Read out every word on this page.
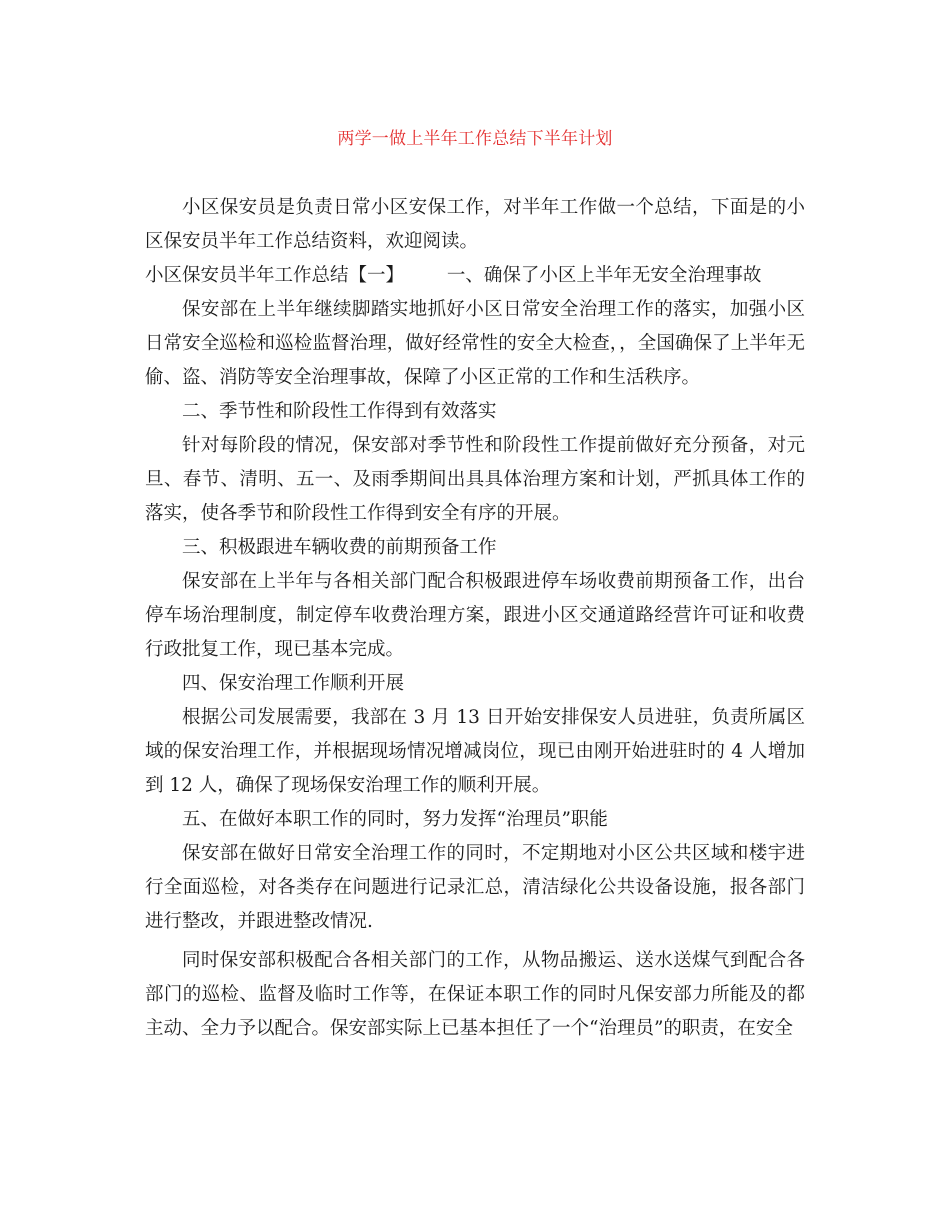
两学一做上半年工作总结下半年计划

小区保安员是负责日常小区安保工作，对半年工作做一个总结，下面是的小区保安员半年工作总结资料，欢迎阅读。

小区保安员半年工作总结【一】 　　一、确保了小区上半年无安全治理事故

保安部在上半年继续脚踏实地抓好小区日常安全治理工作的落实，加强小区日常安全巡检和巡检监督治理，做好经常性的安全大检查，，全国确保了上半年无偷、盗、消防等安全治理事故，保障了小区正常的工作和生活秩序。

二、季节性和阶段性工作得到有效落实

针对每阶段的情况，保安部对季节性和阶段性工作提前做好充分预备，对元旦、春节、清明、五一、及雨季期间出具具体治理方案和计划，严抓具体工作的落实，使各季节和阶段性工作得到安全有序的开展。

三、积极跟进车辆收费的前期预备工作

保安部在上半年与各相关部门配合积极跟进停车场收费前期预备工作，出台停车场治理制度，制定停车收费治理方案，跟进小区交通道路经营许可证和收费行政批复工作，现已基本完成。

四、保安治理工作顺利开展

根据公司发展需要，我部在 3 月 13 日开始安排保安人员进驻，负责所属区域的保安治理工作，并根据现场情况增减岗位，现已由刚开始进驻时的 4 人增加到 12 人，确保了现场保安治理工作的顺利开展。

五、在做好本职工作的同时，努力发挥“治理员”职能

保安部在做好日常安全治理工作的同时，不定期地对小区公共区域和楼宇进行全面巡检，对各类存在问题进行记录汇总，清洁绿化公共设备设施，报各部门进行整改，并跟进整改情况.

同时保安部积极配合各相关部门的工作，从物品搬运、送水送煤气到配合各部门的巡检、监督及临时工作等，在保证本职工作的同时凡保安部力所能及的都主动、全力予以配合。保安部实际上已基本担任了一个“治理员”的职责，在安全
